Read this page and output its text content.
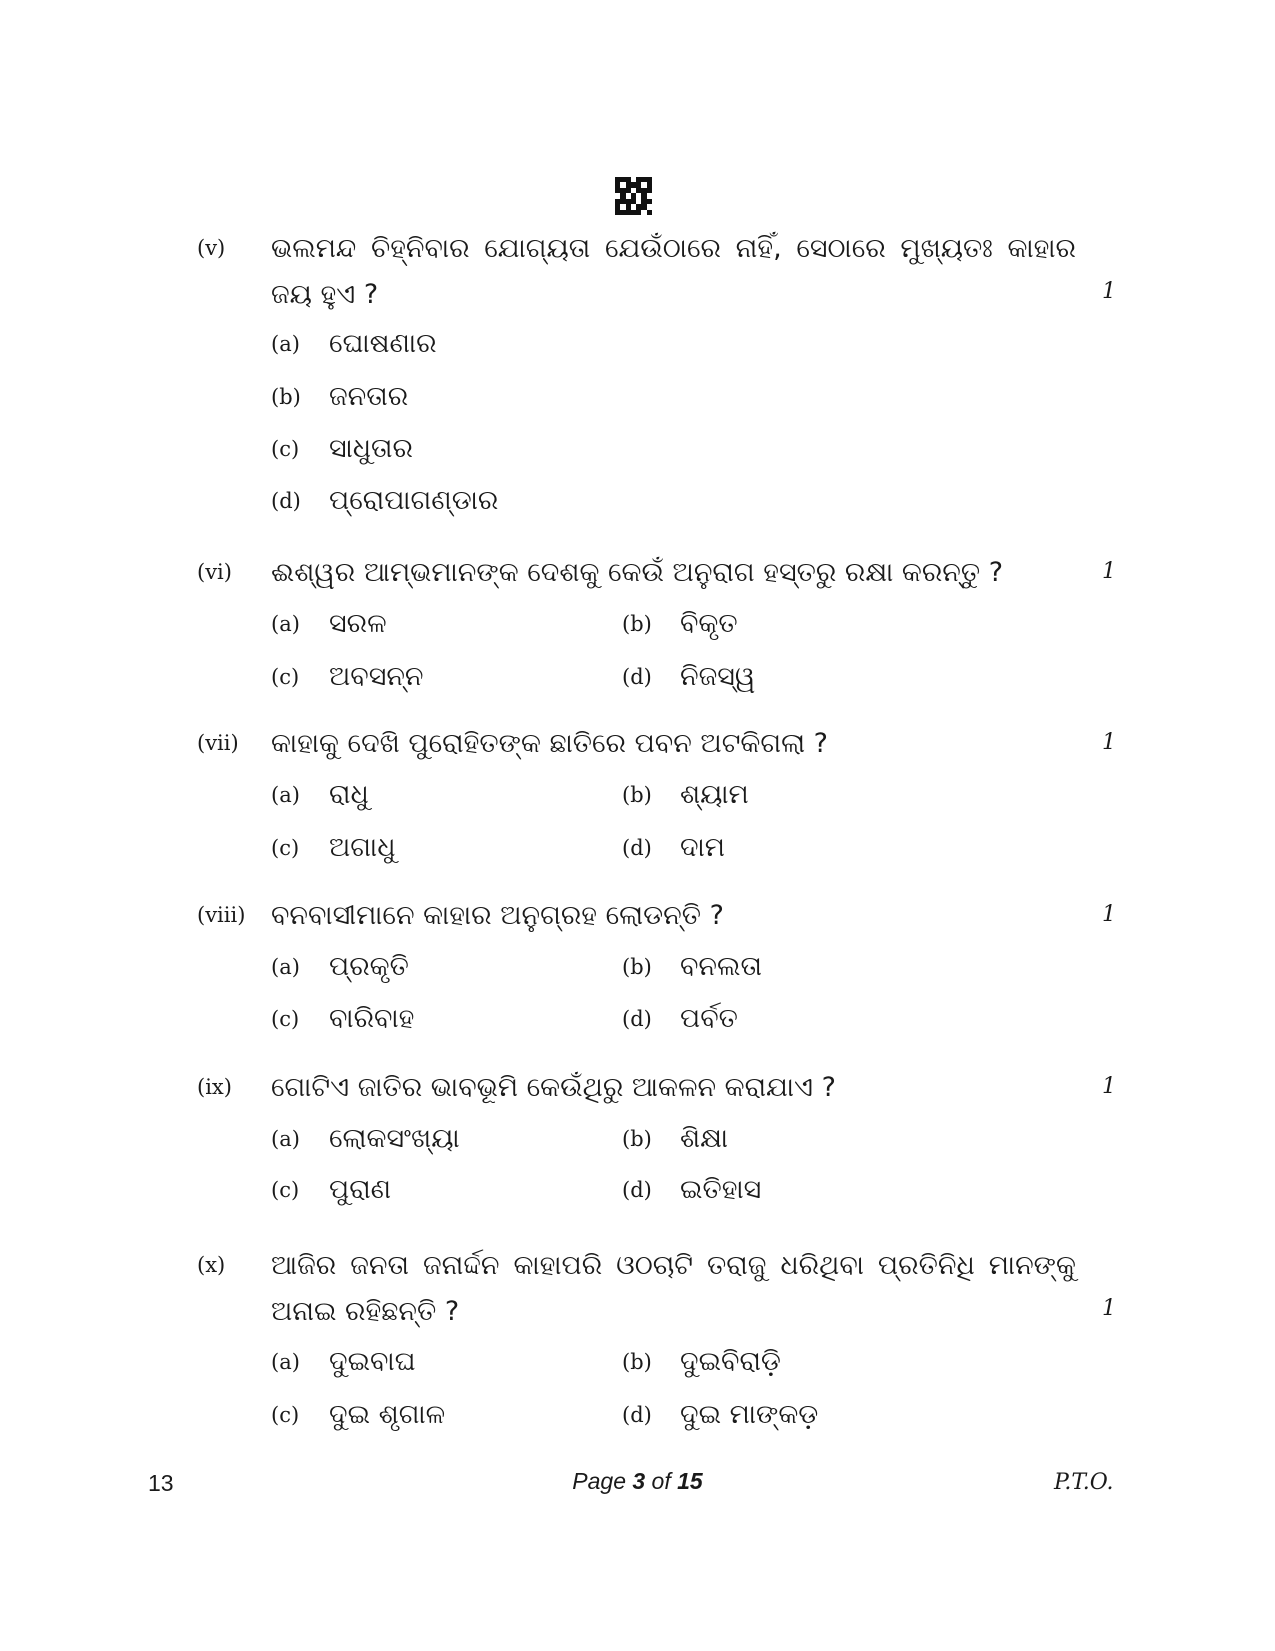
(v) ଭଲମନ୍ଦ ଚିହ୍ନିବାର ଯୋଗ୍ୟତା ଯେଉଁଠାରେ ନାହିଁ, ସେଠାରେ ମୁଖ୍ୟତଃ କାହାର ଜୟ ହୁଏ ?	1
(a) ଘୋଷଣାର
(b) ଜନତାର
(c) ସାଧୁତାର
(d) ପ୍ରୋପାଗଣ୍ଡାର
(vi) ଈଶ୍ୱର ଆମ୍ଭମାନଙ୍କ ଦେଶକୁ କେଉଁ ଅନୁରାଗ ହସ୍ତରୁ ରକ୍ଷା କରନ୍ତୁ ?	1
(a) ସରଳ	(b) ବିକୃତ
(c) ଅବସନ୍ନ	(d) ନିଜସ୍ୱ
(vii) କାହାକୁ ଦେଖି ପୁରୋହିତଙ୍କ ଛାତିରେ ପବନ ଅଟକିଗଲା ?	1
(a) ରାଧୁ	(b) ଶ୍ୟାମ
(c) ଅଗାଧୁ	(d) ଦାମ
(viii) ବନବାସୀମାନେ କାହାର ଅନୁଗ୍ରହ ଲୋଡନ୍ତି ?	1
(a) ପ୍ରକୃତି	(b) ବନଲତା
(c) ବାରିବାହ	(d) ପର୍ବତ
(ix) ଗୋଟିଏ ଜାତିର ଭାବଭୂମି କେଉଁଥିରୁ ଆକଳନ କରାଯାଏ ?	1
(a) ଲୋକସଂଖ୍ୟା	(b) ଶିକ୍ଷା
(c) ପୁରାଣ	(d) ଇତିହାସ
(x) ଆଜିର ଜନତା ଜନାର୍ଦ୍ଦନ କାହାପରି ଓଠଚାଟି ତରାଜୁ ଧରିଥିବା ପ୍ରତିନିଧି ମାନଙ୍କୁ ଅନାଇ ରହିଛନ୍ତି ?	1
(a) ଦୁଇବାଘ	(b) ଦୁଇବିରାଡ଼ି
(c) ଦୁଇ ଶୃଗାଳ	(d) ଦୁଇ ମାଙ୍କଡ଼
13	Page 3 of 15	P.T.O.
